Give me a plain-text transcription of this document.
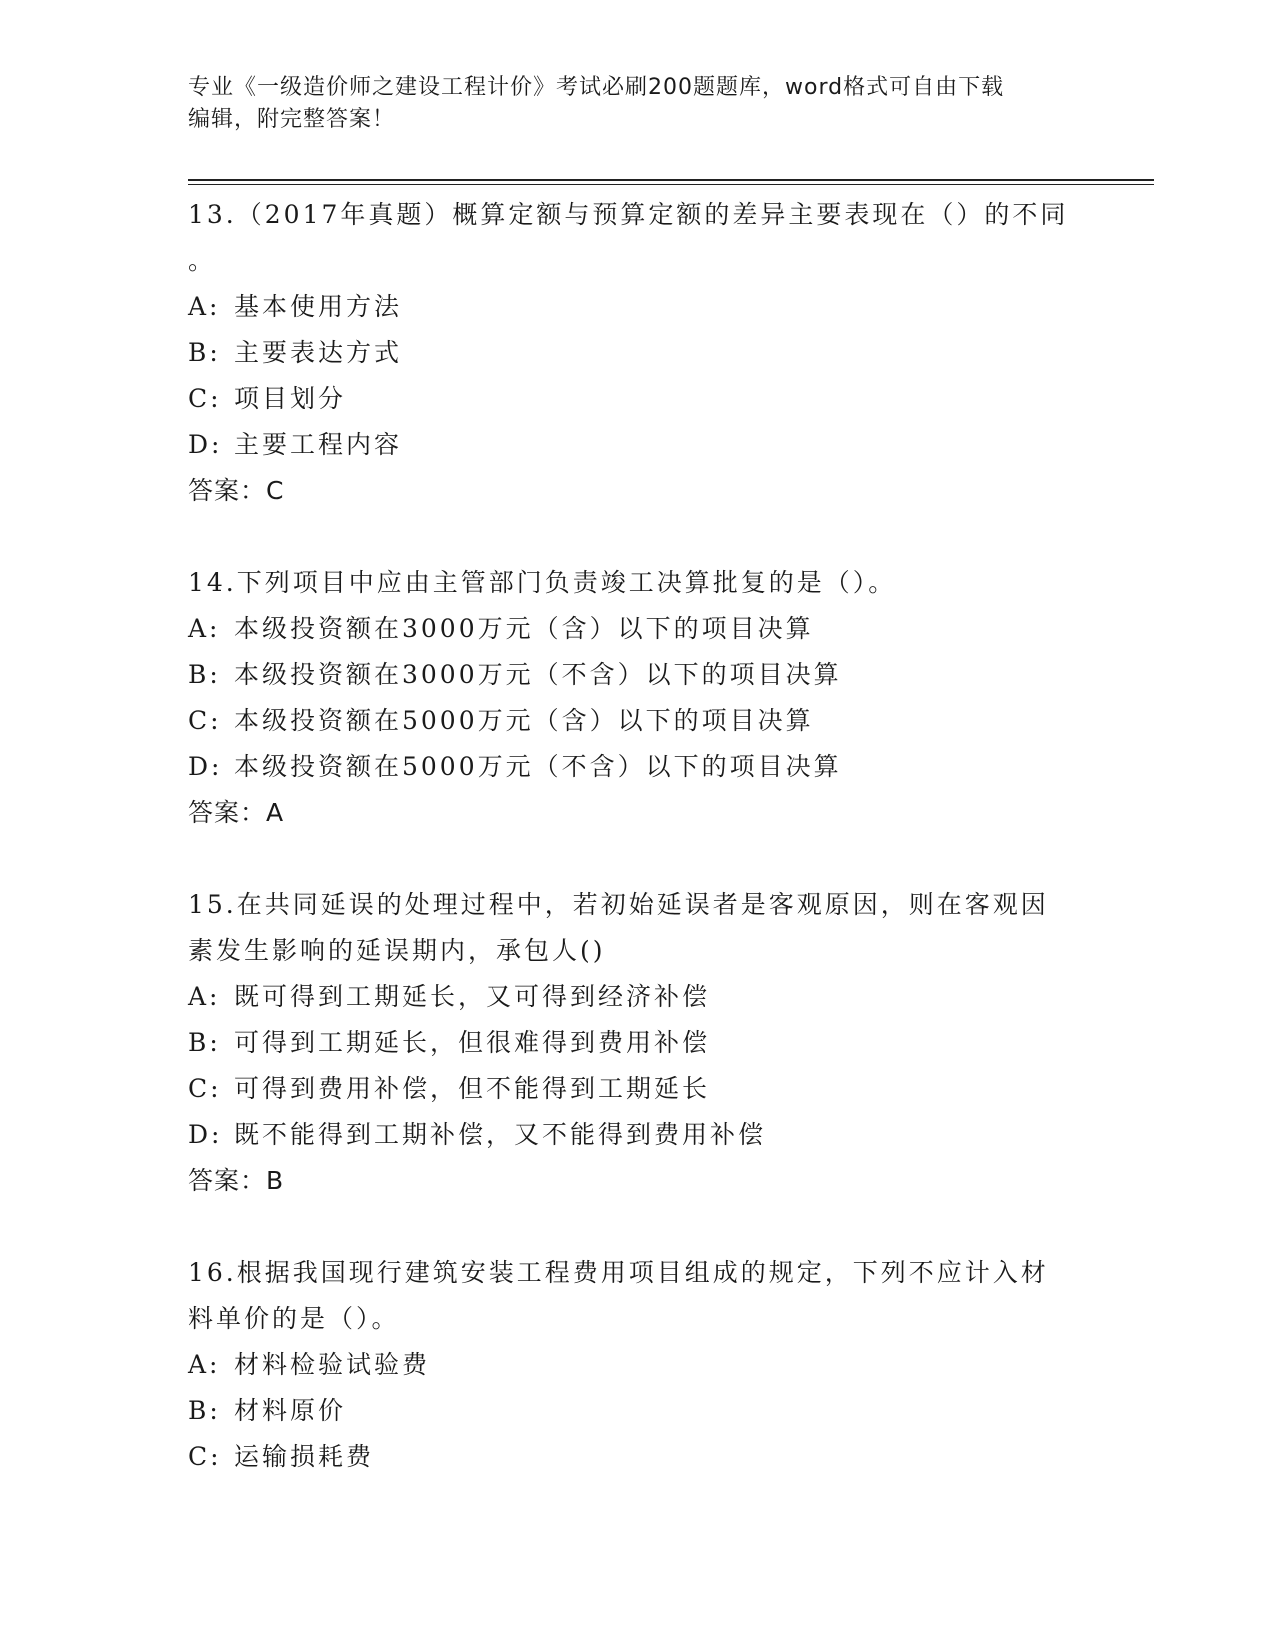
专业《一级造价师之建设工程计价》考试必刷200题题库，word格式可自由下载
编辑，附完整答案！
13.（2017年真题）概算定额与预算定额的差异主要表现在（）的不同
。
A: 基本使用方法
B: 主要表达方式
C: 项目划分
D: 主要工程内容
答案：C
14.下列项目中应由主管部门负责竣工决算批复的是（）。
A: 本级投资额在3000万元（含）以下的项目决算
B: 本级投资额在3000万元（不含）以下的项目决算
C: 本级投资额在5000万元（含）以下的项目决算
D: 本级投资额在5000万元（不含）以下的项目决算
答案：A
15.在共同延误的处理过程中，若初始延误者是客观原因，则在客观因
素发生影响的延误期内，承包人()
A: 既可得到工期延长，又可得到经济补偿
B: 可得到工期延长，但很难得到费用补偿
C: 可得到费用补偿，但不能得到工期延长
D: 既不能得到工期补偿，又不能得到费用补偿
答案：B
16.根据我国现行建筑安装工程费用项目组成的规定，下列不应计入材
料单价的是（）。
A: 材料检验试验费
B: 材料原价
C: 运输损耗费
